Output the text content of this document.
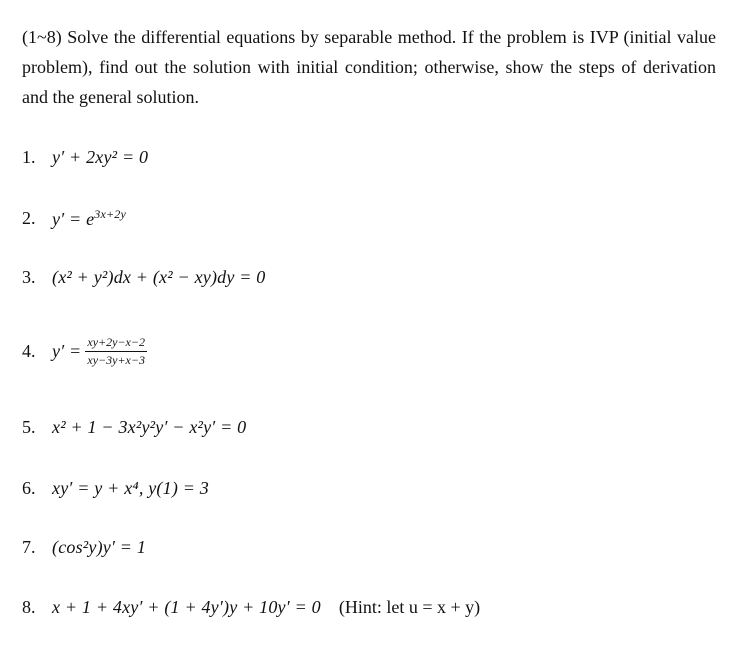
(1~8) Solve the differential equations by separable method. If the problem is IVP (initial value problem), find out the solution with initial condition; otherwise, show the steps of derivation and the general solution.
1. y′ + 2xy² = 0
2. $y' = e^{3x+2y}$
3. (x² + y²)dx + (x² − xy)dy = 0
4. $y' = \frac{xy+2y-x-2}{xy-3y+x-3}$
5. x² + 1 − 3x²y²y′ − x²y′ = 0
6. xy′ = y + x⁴, y(1) = 3
7. (cos²y)y′ = 1
8. x + 1 + 4xy′ + (1 + 4y′)y + 10y′ = 0 (Hint: let u = x + y)
